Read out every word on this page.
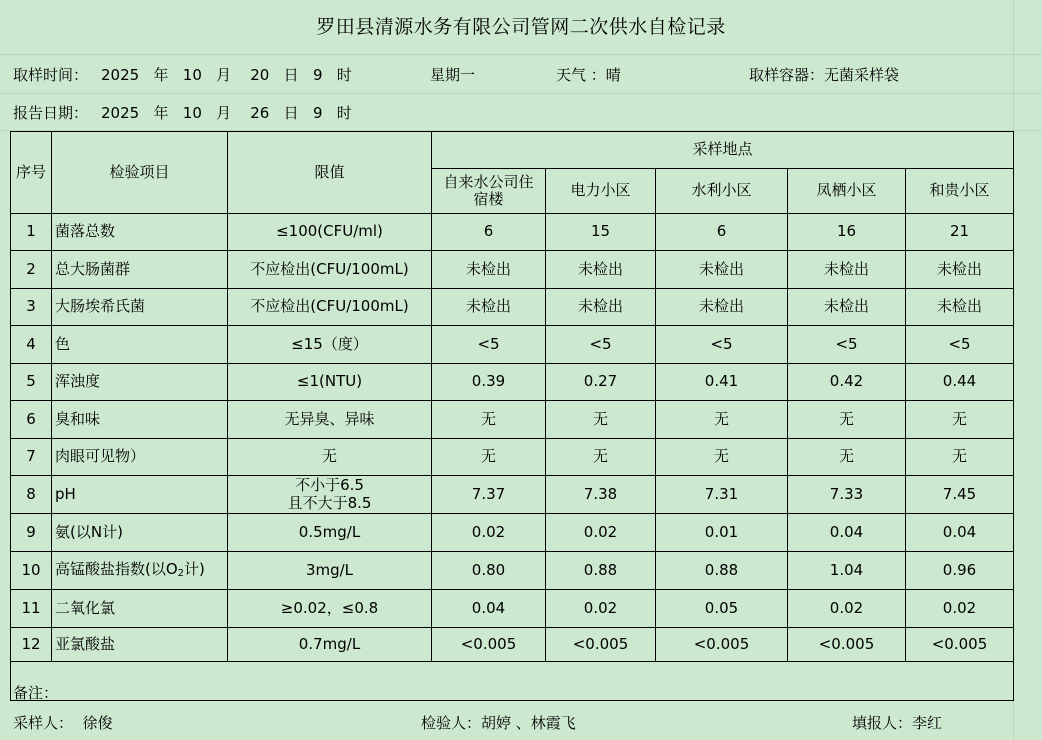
罗田县清源水务有限公司管网二次供水自检记录
取样时间： 2025   年   10   月    20   日   9   时	星期一	天气 ：晴	取样容器：无菌采样袋
报告日期： 2025   年   10   月    26   日   9   时
序号	检验项目	限值	采样地点				

			自来水公司住
宿楼	电力小区	水利小区	凤栖小区	和贵小区
1	菌落总数	≤100(CFU/ml)	6	15	6	16	21
2	总大肠菌群	不应检出(CFU/100mL)	未检出	未检出	未检出	未检出	未检出
3	大肠埃希氏菌	不应检出(CFU/100mL)	未检出	未检出	未检出	未检出	未检出
4	色	≤15（度）	<5	<5	<5	<5	<5
5	浑浊度	≤1(NTU)	0.39	0.27	0.41	0.42	0.44
6	臭和味	无异臭、异味	无	无	无	无	无
7	肉眼可见物）	无	无	无	无	无	无
8	pH	不小于6.5
且不大于8.5	7.37	7.38	7.31	7.33	7.45
9	氨(以N计)	0.5mg/L	0.02	0.02	0.01	0.04	0.04
10	高锰酸盐指数(以$O_2$计)	3mg/L	0.80	0.88	0.88	1.04	0.96
11	二氧化氯	≥0.02，≤0.8	0.04	0.02	0.05	0.02	0.02
12	亚氯酸盐	0.7mg/L	<0.005	<0.005	<0.005	<0.005	<0.005
备注：
采样人：  徐俊	检验人：胡婷 、林霞飞	填报人：李红
